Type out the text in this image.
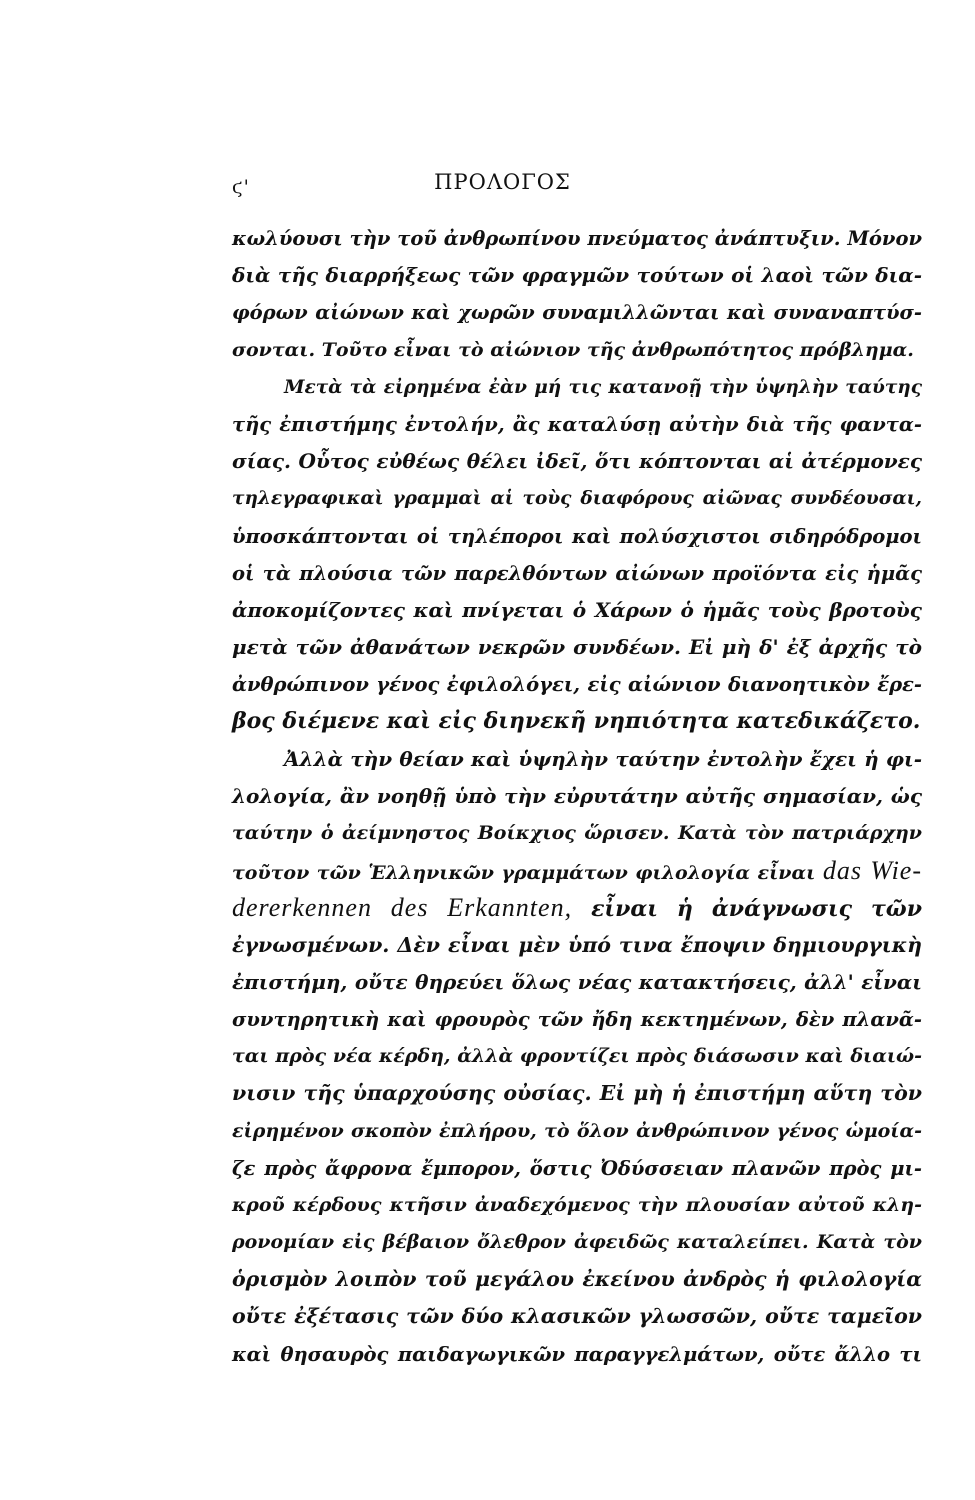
ϛ'	ΠΡΟΛΟΓΟΣ
κωλύουσι τὴν τοῦ ἀνθρωπίνου πνεύματος ἀνάπτυξιν. Μόνον
διὰ τῆς διαρρήξεως τῶν φραγμῶν τούτων οἱ λαοὶ τῶν δια-
φόρων αἰώνων καὶ χωρῶν συναμιλλῶνται καὶ συναναπτύσ-
σονται. Τοῦτο εἶναι τὸ αἰώνιον τῆς ἀνθρωπότητος πρόβλημα.
Μετὰ τὰ εἰρημένα ἐὰν μή τις κατανοῇ τὴν ὑψηλὴν ταύτης
τῆς ἐπιστήμης ἐντολήν, ἂς καταλύσῃ αὐτὴν διὰ τῆς φαντα-
σίας. Οὗτος εὐθέως θέλει ἰδεῖ, ὅτι κόπτονται αἱ ἀτέρμονες
τηλεγραφικαὶ γραμμαὶ αἱ τοὺς διαφόρους αἰῶνας συνδέουσαι,
ὑποσκάπτονται οἱ τηλέποροι καὶ πολύσχιστοι σιδηρόδρομοι
οἱ τὰ πλούσια τῶν παρελθόντων αἰώνων προϊόντα εἰς ἡμᾶς
ἀποκομίζοντες καὶ πνίγεται ὁ Χάρων ὁ ἡμᾶς τοὺς βροτοὺς
μετὰ τῶν ἀθανάτων νεκρῶν συνδέων. Εἰ μὴ δ' ἐξ ἀρχῆς τὸ
ἀνθρώπινον γένος ἐφιλολόγει, εἰς αἰώνιον διανοητικὸν ἔρε-
βος διέμενε καὶ εἰς διηνεκῆ νηπιότητα κατεδικάζετο.
Ἀλλὰ τὴν θείαν καὶ ὑψηλὴν ταύτην ἐντολὴν ἔχει ἡ φι-
λολογία, ἂν νοηθῇ ὑπὸ τὴν εὐρυτάτην αὐτῆς σημασίαν, ὡς
ταύτην ὁ ἀείμνηστος Βοίκχιος ὥρισεν. Κατὰ τὸν πατριάρχην
τοῦτον τῶν Ἑλληνικῶν γραμμάτων φιλολογία εἶναι das Wie-
dererkennen des Erkannten, εἶναι ἡ ἀνάγνωσις τῶν
ἐγνωσμένων. Δὲν εἶναι μὲν ὑπό τινα ἔποψιν δημιουργικὴ
ἐπιστήμη, οὔτε θηρεύει ὅλως νέας κατακτήσεις, ἀλλ' εἶναι
συντηρητικὴ καὶ φρουρὸς τῶν ἤδη κεκτημένων, δὲν πλανᾶ-
ται πρὸς νέα κέρδη, ἀλλὰ φροντίζει πρὸς διάσωσιν καὶ διαιώ-
νισιν τῆς ὑπαρχούσης οὐσίας. Εἰ μὴ ἡ ἐπιστήμη αὕτη τὸν
εἰρημένον σκοπὸν ἐπλήρου, τὸ ὅλον ἀνθρώπινον γένος ὡμοία-
ζε πρὸς ἄφρονα ἔμπορον, ὅστις Ὀδύσσειαν πλανῶν πρὸς μι-
κροῦ κέρδους κτῆσιν ἀναδεχόμενος τὴν πλουσίαν αὐτοῦ κλη-
ρονομίαν εἰς βέβαιον ὄλεθρον ἀφειδῶς καταλείπει. Κατὰ τὸν
ὁρισμὸν λοιπὸν τοῦ μεγάλου ἐκείνου ἀνδρὸς ἡ φιλολογία
οὔτε ἐξέτασις τῶν δύο κλασικῶν γλωσσῶν, οὔτε ταμεῖον
καὶ θησαυρὸς παιδαγωγικῶν παραγγελμάτων, οὔτε ἄλλο τι
